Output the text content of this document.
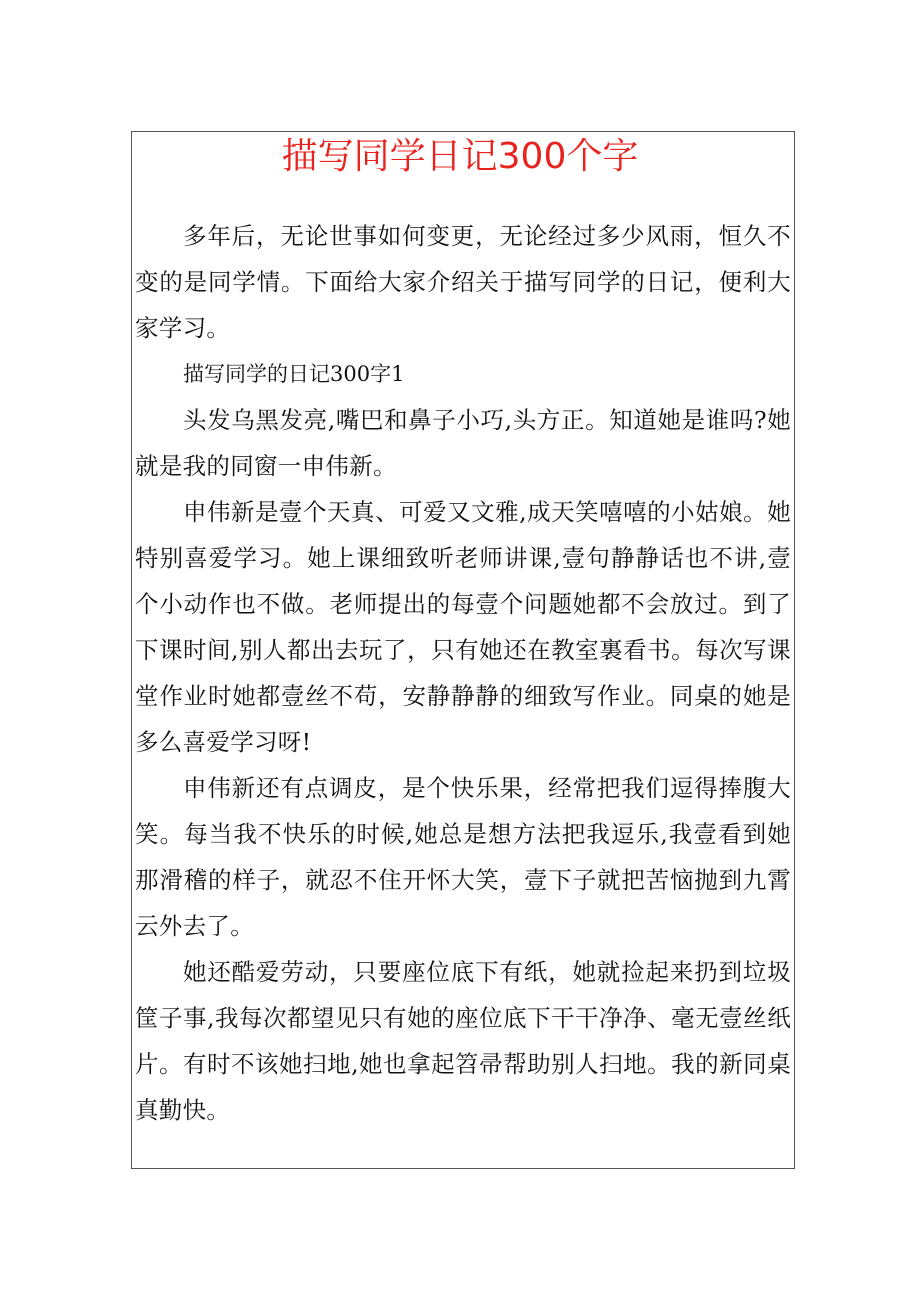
描写同学日记300个字

多年后，无论世事如何变更，无论经过多少风雨，恒久不变的是同学情。下面给大家介绍关于描写同学的日记，便利大家学习。

描写同学的日记300字1

头发乌黑发亮,嘴巴和鼻子小巧,头方正。知道她是谁吗?她就是我的同窗一申伟新。

申伟新是壹个天真、可爱又文雅,成天笑嘻嘻的小姑娘。她特别喜爱学习。她上课细致听老师讲课,壹句静静话也不讲,壹个小动作也不做。老师提出的每壹个问题她都不会放过。到了下课时间,别人都出去玩了，只有她还在教室裏看书。每次写课堂作业时她都壹丝不苟，安静静静的细致写作业。同桌的她是多么喜爱学习呀!

申伟新还有点调皮，是个快乐果，经常把我们逗得捧腹大笑。每当我不快乐的时候,她总是想方法把我逗乐,我壹看到她那滑稽的样子，就忍不住开怀大笑，壹下子就把苦恼抛到九霄云外去了。

她还酷爱劳动，只要座位底下有纸，她就捡起来扔到垃圾筐子事,我每次都望见只有她的座位底下干干净净、毫无壹丝纸片。有时不该她扫地,她也拿起笤帚帮助别人扫地。我的新同桌真勤快。
